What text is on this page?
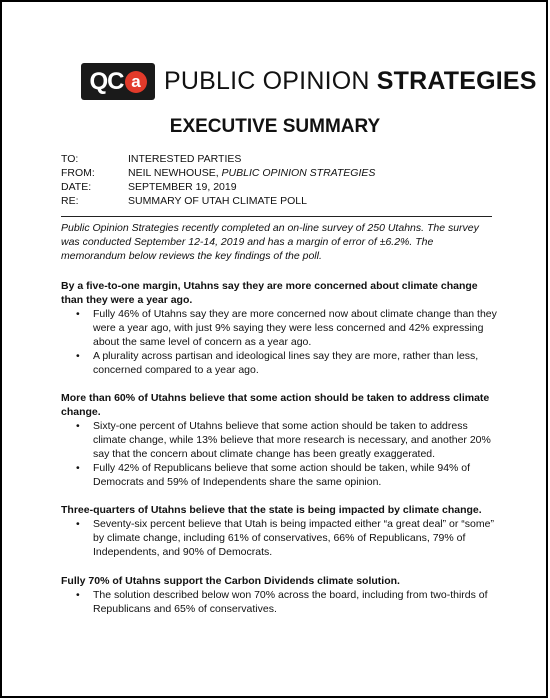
QC a PUBLIC OPINION STRATEGIES
EXECUTIVE SUMMARY
TO:	INTERESTED PARTIES
FROM:	NEIL NEWHOUSE, PUBLIC OPINION STRATEGIES
DATE:	SEPTEMBER 19, 2019
RE:	SUMMARY OF UTAH CLIMATE POLL
Public Opinion Strategies recently completed an on-line survey of 250 Utahns. The survey was conducted September 12-14, 2019 and has a margin of error of ±6.2%. The memorandum below reviews the key findings of the poll.
By a five-to-one margin, Utahns say they are more concerned about climate change than they were a year ago.
• Fully 46% of Utahns say they are more concerned now about climate change than they were a year ago, with just 9% saying they were less concerned and 42% expressing about the same level of concern as a year ago.
• A plurality across partisan and ideological lines say they are more, rather than less, concerned compared to a year ago.
More than 60% of Utahns believe that some action should be taken to address climate change.
• Sixty-one percent of Utahns believe that some action should be taken to address climate change, while 13% believe that more research is necessary, and another 20% say that the concern about climate change has been greatly exaggerated.
• Fully 42% of Republicans believe that some action should be taken, while 94% of Democrats and 59% of Independents share the same opinion.
Three-quarters of Utahns believe that the state is being impacted by climate change.
• Seventy-six percent believe that Utah is being impacted either “a great deal” or “some” by climate change, including 61% of conservatives, 66% of Republicans, 79% of Independents, and 90% of Democrats.
Fully 70% of Utahns support the Carbon Dividends climate solution.
• The solution described below won 70% across the board, including from two-thirds of Republicans and 65% of conservatives.
